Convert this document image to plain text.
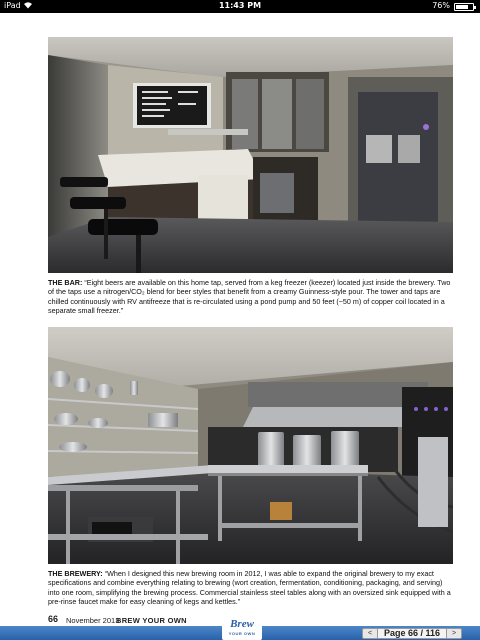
iPad	11:43 PM	76%
THE BAR: “Eight beers are available on this home tap, served from a keg freezer (keezer) located just inside the brewery. Two of the taps use a nitrogen/CO₂ blend for beer styles that benefit from a creamy Guinness-style pour. The tower and taps are chilled continuously with RV antifreeze that is re-circulated using a pond pump and 50 feet (~50 m) of copper coil located in a separate small freezer.”
THE BREWERY: “When I designed this new brewing room in 2012, I was able to expand the original brewery to my exact specifications and combine everything relating to brewing (wort creation, fermentation, conditioning, packaging, and serving) into one room, simplifying the brewing process. Commercial stainless steel tables along with an oversized sink equipped with a pre-rinse faucet make for easy cleaning of kegs and kettles.”
66 November 2013
BREW YOUR OWN	Brew
YOUR OWN	<	Page 66 / 116	>
